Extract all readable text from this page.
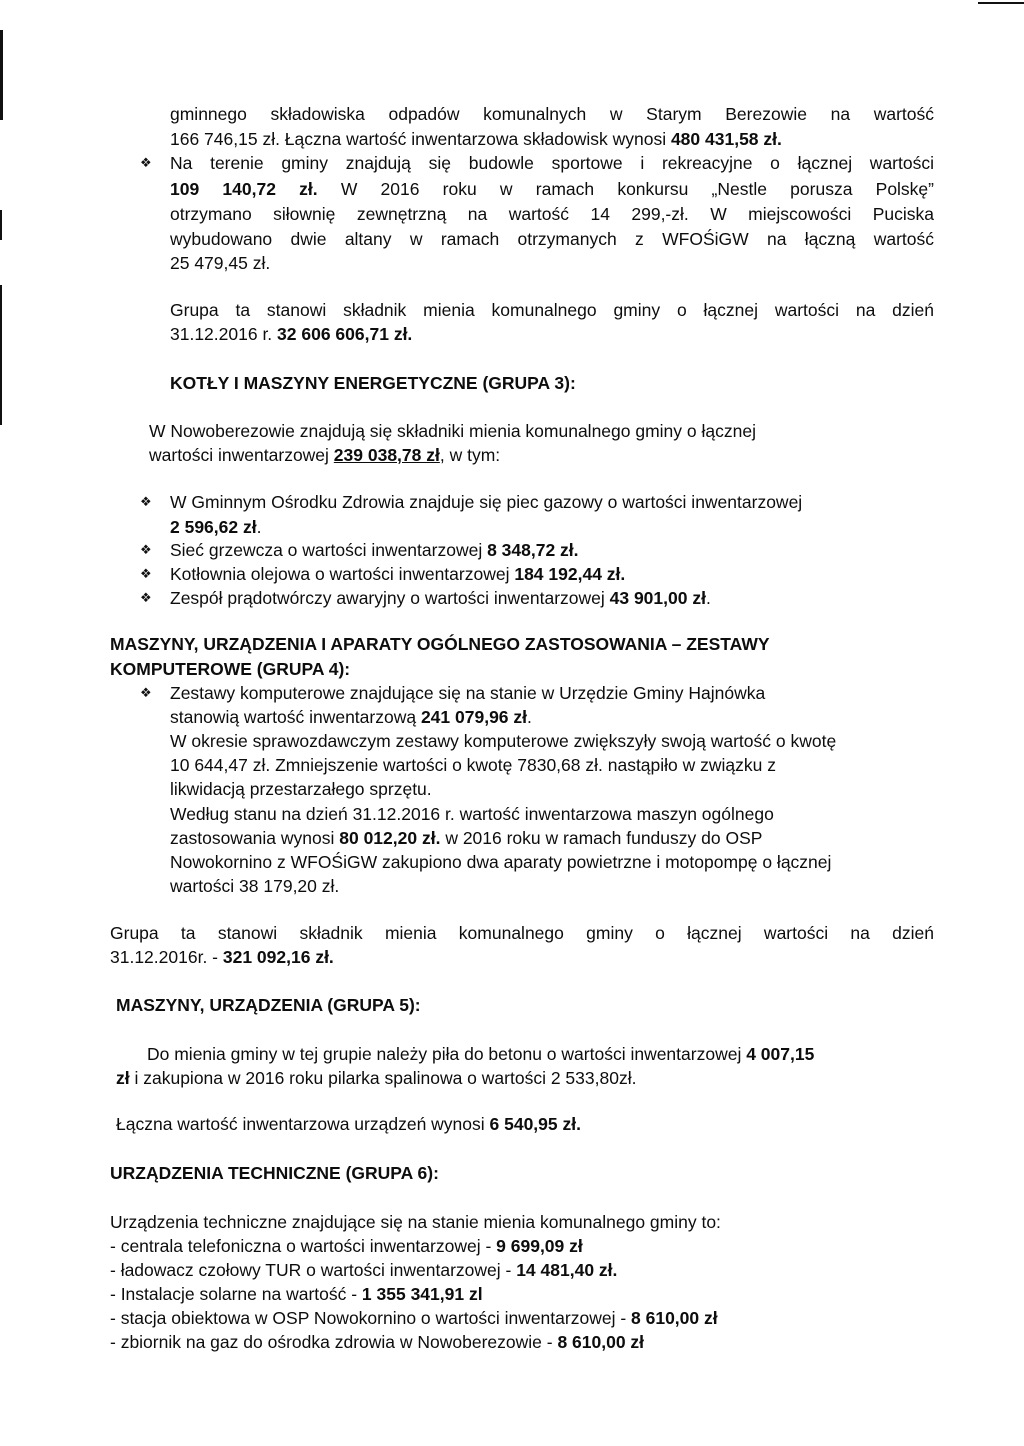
gminnego składowiska odpadów komunalnych w Starym Berezowie na wartość

166 746,15 zł. Łączna wartość inwentarzowa składowisk wynosi 480 431,58 zł.

❖ Na terenie gminy znajdują się budowle sportowe i rekreacyjne o łącznej wartości

109 140,72 zł. W 2016 roku w ramach konkursu „Nestle porusza Polskę”

otrzymano siłownię zewnętrzną na wartość 14 299,-zł. W miejscowości Puciska

wybudowano dwie altany w ramach otrzymanych z WFOŚiGW na łączną wartość

25 479,45 zł.

Grupa ta stanowi składnik mienia komunalnego gminy o łącznej wartości na dzień

31.12.2016 r. 32 606 606,71 zł.

KOTŁY I MASZYNY ENERGETYCZNE (GRUPA 3):

W Nowoberezowie znajdują się składniki mienia komunalnego gminy o łącznej

wartości inwentarzowej 239 038,78 zł, w tym:

❖ W Gminnym Ośrodku Zdrowia znajduje się piec gazowy o wartości inwentarzowej

2 596,62 zł.

❖ Sieć grzewcza o wartości inwentarzowej 8 348,72 zł.

❖ Kotłownia olejowa o wartości inwentarzowej 184 192,44 zł.

❖ Zespół prądotwórczy awaryjny o wartości inwentarzowej 43 901,00 zł.

MASZYNY, URZĄDZENIA I APARATY OGÓLNEGO ZASTOSOWANIA – ZESTAWY

KOMPUTEROWE (GRUPA 4):

❖ Zestawy komputerowe znajdujące się na stanie w Urzędzie Gminy Hajnówka

stanowią wartość inwentarzową 241 079,96 zł.

W okresie sprawozdawczym zestawy komputerowe zwiększyły swoją wartość o kwotę

10 644,47 zł. Zmniejszenie wartości o kwotę 7830,68 zł. nastąpiło w związku z

likwidacją przestarzałego sprzętu.

Według stanu na dzień 31.12.2016 r. wartość inwentarzowa maszyn ogólnego

zastosowania wynosi 80 012,20 zł. w 2016 roku w ramach funduszy do OSP

Nowokornino z WFOŚiGW zakupiono dwa aparaty powietrzne i motopompę o łącznej

wartości 38 179,20 zł.

Grupa ta stanowi składnik mienia komunalnego gminy o łącznej wartości na dzień

31.12.2016r. - 321 092,16 zł.

MASZYNY, URZĄDZENIA (GRUPA 5):

Do mienia gminy w tej grupie należy piła do betonu o wartości inwentarzowej 4 007,15

zł i zakupiona w 2016 roku pilarka spalinowa o wartości 2 533,80zł.

Łączna wartość inwentarzowa urządzeń wynosi 6 540,95 zł.

URZĄDZENIA TECHNICZNE (GRUPA 6):

Urządzenia techniczne znajdujące się na stanie mienia komunalnego gminy to:

- centrala telefoniczna o wartości inwentarzowej - 9 699,09 zł

- ładowacz czołowy TUR o wartości inwentarzowej - 14 481,40 zł.

- Instalacje solarne na wartość - 1 355 341,91 zl

- stacja obiektowa w OSP Nowokornino o wartości inwentarzowej - 8 610,00 zł

- zbiornik na gaz do ośrodka zdrowia w Nowoberezowie - 8 610,00 zł
